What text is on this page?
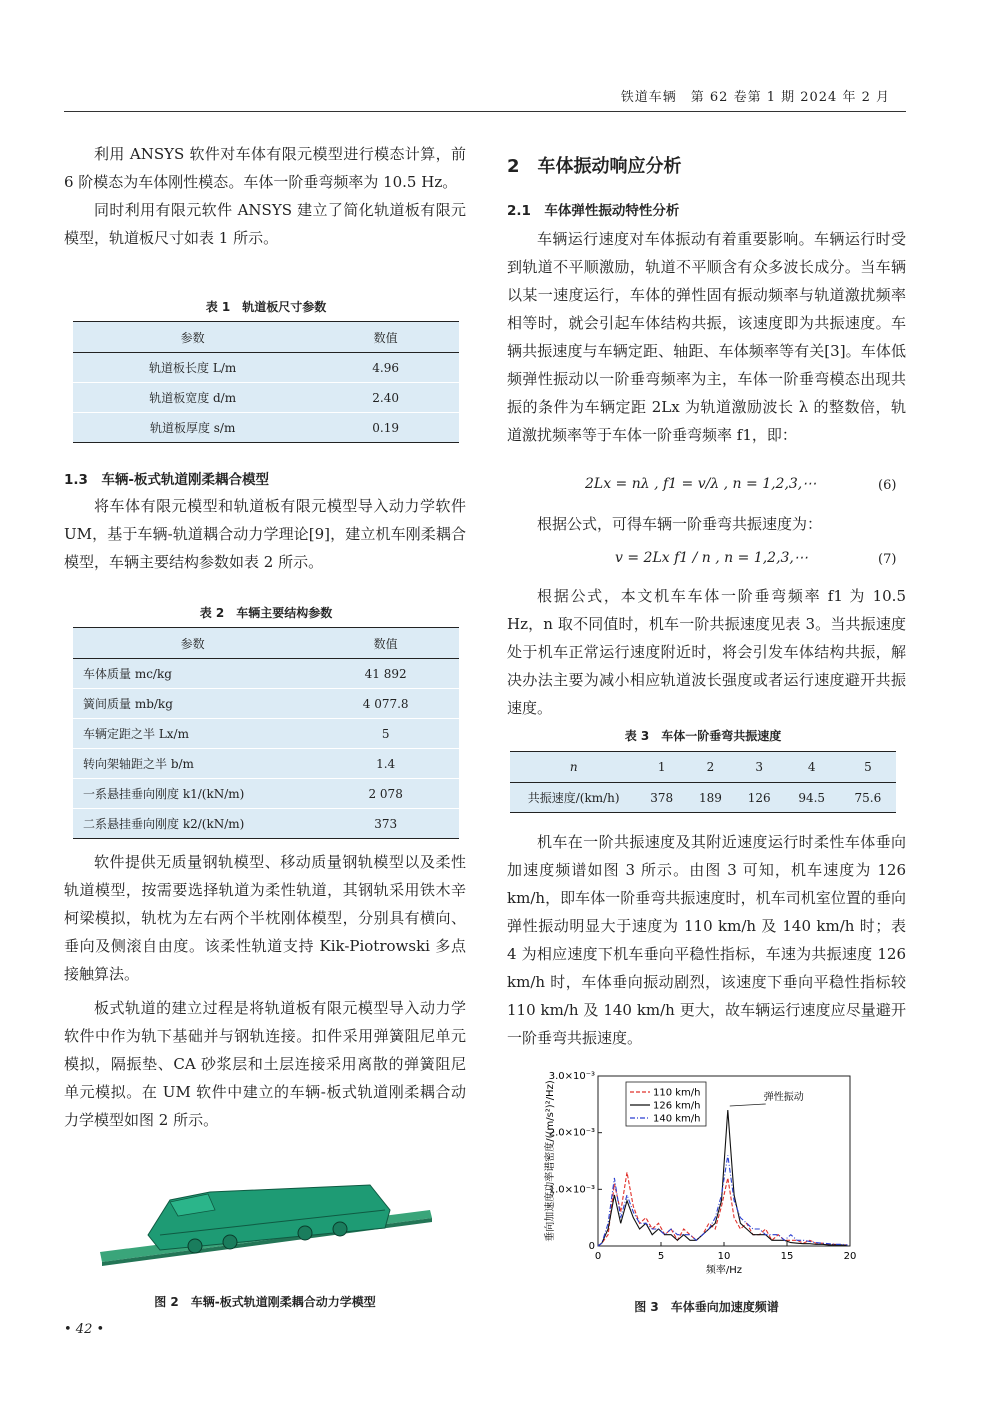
铁道车辆　第 62 卷第 1 期 2024 年 2 月

利用 ANSYS 软件对车体有限元模型进行模态计算，前 6 阶模态为车体刚性模态。车体一阶垂弯频率为 10.5 Hz。

同时利用有限元软件 ANSYS 建立了简化轨道板有限元模型，轨道板尺寸如表 1 所示。

表 1　轨道板尺寸参数
参数	数值
轨道板长度 L/m	4.96
轨道板宽度 d/m	2.40
轨道板厚度 s/m	0.19
1.3　车辆-板式轨道刚柔耦合模型

将车体有限元模型和轨道板有限元模型导入动力学软件 UM，基于车辆-轨道耦合动力学理论[9]，建立机车刚柔耦合模型，车辆主要结构参数如表 2 所示。

表 2　车辆主要结构参数
参数	数值
车体质量 mc/kg	41 892
簧间质量 mb/kg	4 077.8
车辆定距之半 Lx/m	5
转向架轴距之半 b/m	1.4
一系悬挂垂向刚度 k1/(kN/m)	2 078
二系悬挂垂向刚度 k2/(kN/m)	373

软件提供无质量钢轨模型、移动质量钢轨模型以及柔性轨道模型，按需要选择轨道为柔性轨道，其钢轨采用铁木辛柯梁模拟，轨枕为左右两个半枕刚体模型，分别具有横向、垂向及侧滚自由度。该柔性轨道支持 Kik-Piotrowski 多点接触算法。

板式轨道的建立过程是将轨道板有限元模型导入动力学软件中作为轨下基础并与钢轨连接。扣件采用弹簧阻尼单元模拟，隔振垫、CA 砂浆层和土层连接采用离散的弹簧阻尼单元模拟。在 UM 软件中建立的车辆-板式轨道刚柔耦合动力学模型如图 2 所示。

图 2　车辆-板式轨道刚柔耦合动力学模型
• 42 •
2　车体振动响应分析
2.1　车体弹性振动特性分析

车辆运行速度对车体振动有着重要影响。车辆运行时受到轨道不平顺激励，轨道不平顺含有众多波长成分。当车辆以某一速度运行，车体的弹性固有振动频率与轨道激扰频率相等时，就会引起车体结构共振，该速度即为共振速度。车辆共振速度与车辆定距、轴距、车体频率等有关[3]。车体低频弹性振动以一阶垂弯频率为主，车体一阶垂弯模态出现共振的条件为车辆定距 2Lx 为轨道激励波长 λ 的整数倍，轨道激扰频率等于车体一阶垂弯频率 f1，即：

2Lx = nλ , f1 = v/λ , n = 1,2,3,⋯	(6)

根据公式，可得车辆一阶垂弯共振速度为：

v = 2Lx f1 / n , n = 1,2,3,⋯	(7)

根据公式，本文机车车体一阶垂弯频率 f1 为 10.5 Hz，n 取不同值时，机车一阶共振速度见表 3。当共振速度处于机车正常运行速度附近时，将会引发车体结构共振，解决办法主要为减小相应轨道波长强度或者运行速度避开共振速度。

表 3　车体一阶垂弯共振速度
n	1	2	3	4	5
共振速度/(km/h)	378	189	126	94.5	75.6

机车在一阶共振速度及其附近速度运行时柔性车体垂向加速度频谱如图 3 所示。由图 3 可知，机车速度为 126 km/h，即车体一阶垂弯共振速度时，机车司机室位置的垂向弹性振动明显大于速度为 110 km/h 及 140 km/h 时；表 4 为相应速度下机车垂向平稳性指标，车速为共振速度 126 km/h 时，车体垂向振动剧烈，该速度下垂向平稳性指标较 110 km/h 及 140 km/h 更大，故车辆运行速度应尽量避开一阶垂弯共振速度。

0	5	10	15	20
0
1.0×10⁻³
2.0×10⁻³
3.0×10⁻³
频率/Hz
垂向加速度功率谱密度/((m/s²)²/Hz)	110 km/h
126 km/h
140 km/h
弹性振动
图 3　车体垂向加速度频谱
